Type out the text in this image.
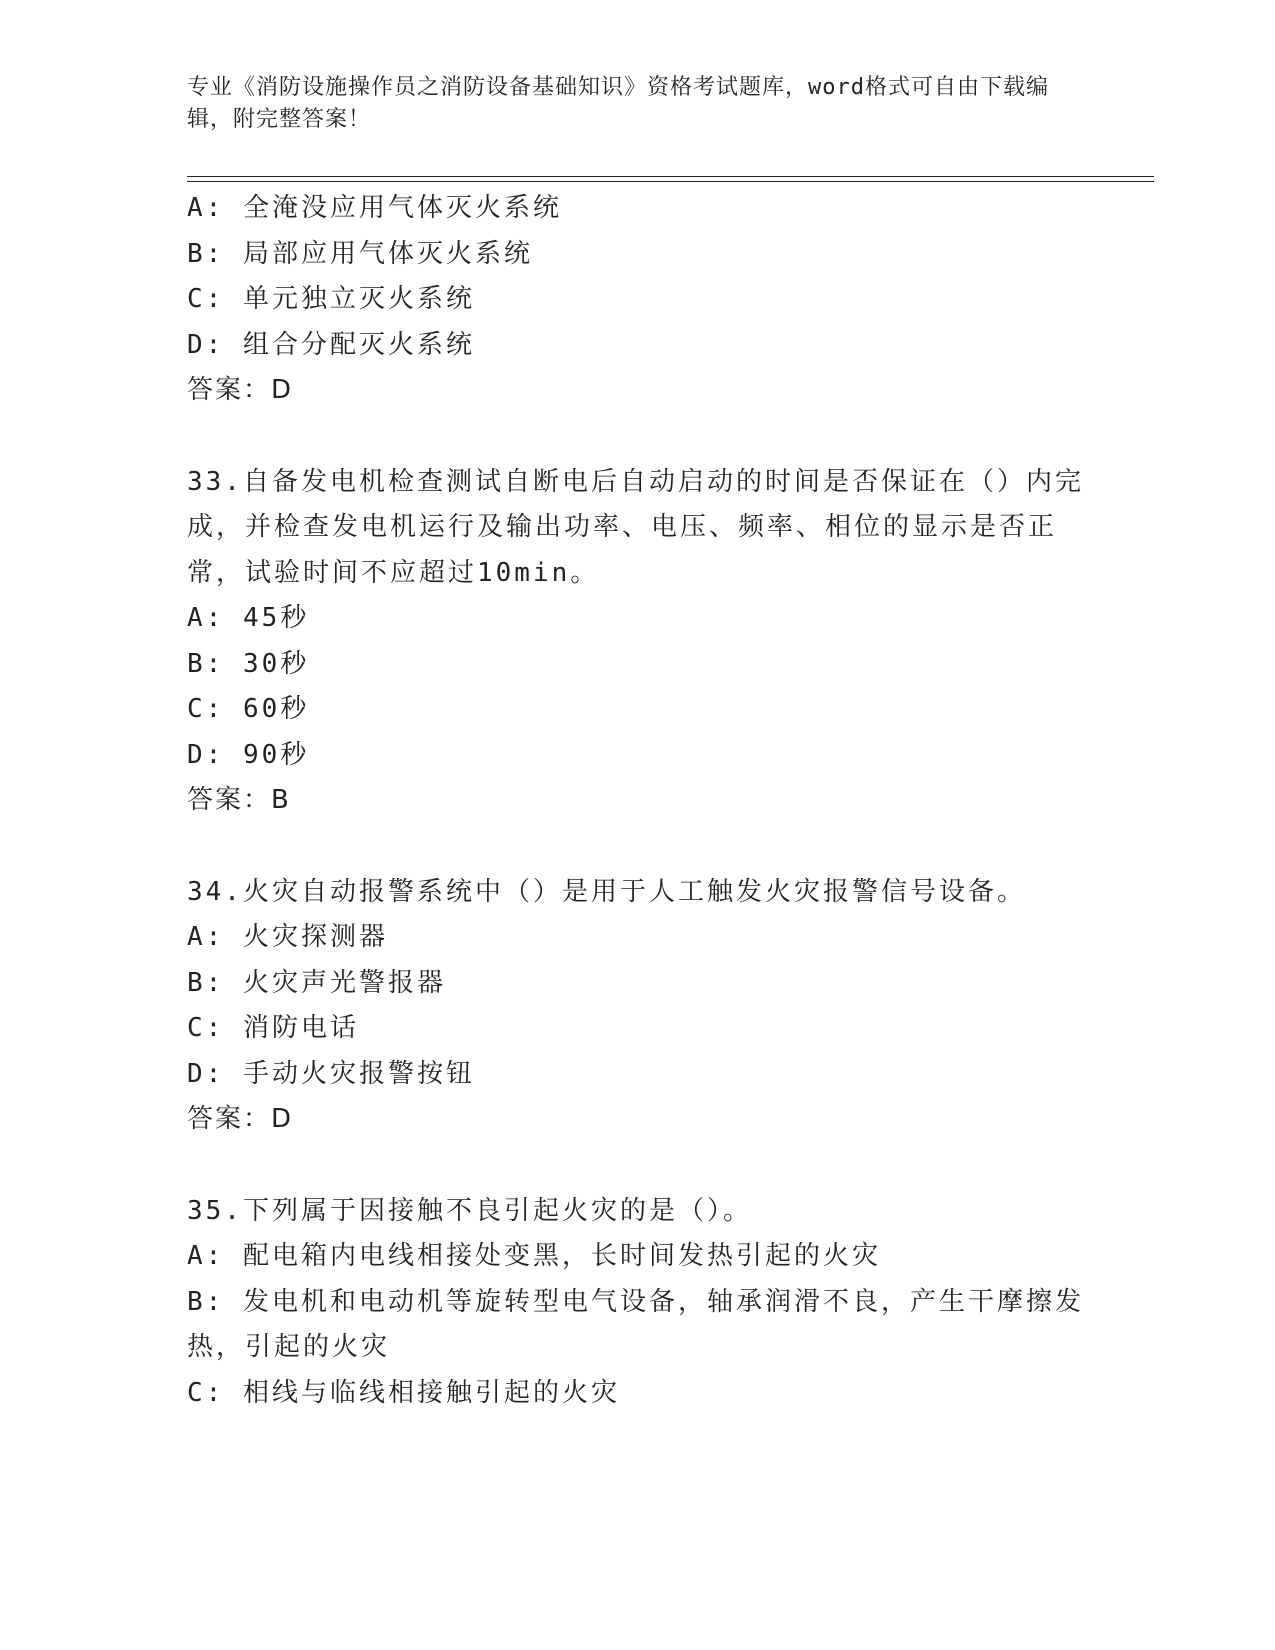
专业《消防设施操作员之消防设备基础知识》资格考试题库，word格式可自由下载编辑，附完整答案！
A: 全淹没应用气体灭火系统
B: 局部应用气体灭火系统
C: 单元独立灭火系统
D: 组合分配灭火系统
答案：D
33.自备发电机检查测试自断电后自动启动的时间是否保证在（）内完成，并检查发电机运行及输出功率、电压、频率、相位的显示是否正常，试验时间不应超过10min。
A: 45秒
B: 30秒
C: 60秒
D: 90秒
答案：B
34.火灾自动报警系统中（）是用于人工触发火灾报警信号设备。
A: 火灾探测器
B: 火灾声光警报器
C: 消防电话
D: 手动火灾报警按钮
答案：D
35.下列属于因接触不良引起火灾的是（）。
A: 配电箱内电线相接处变黑，长时间发热引起的火灾
B: 发电机和电动机等旋转型电气设备，轴承润滑不良，产生干摩擦发热，引起的火灾
C: 相线与临线相接触引起的火灾
